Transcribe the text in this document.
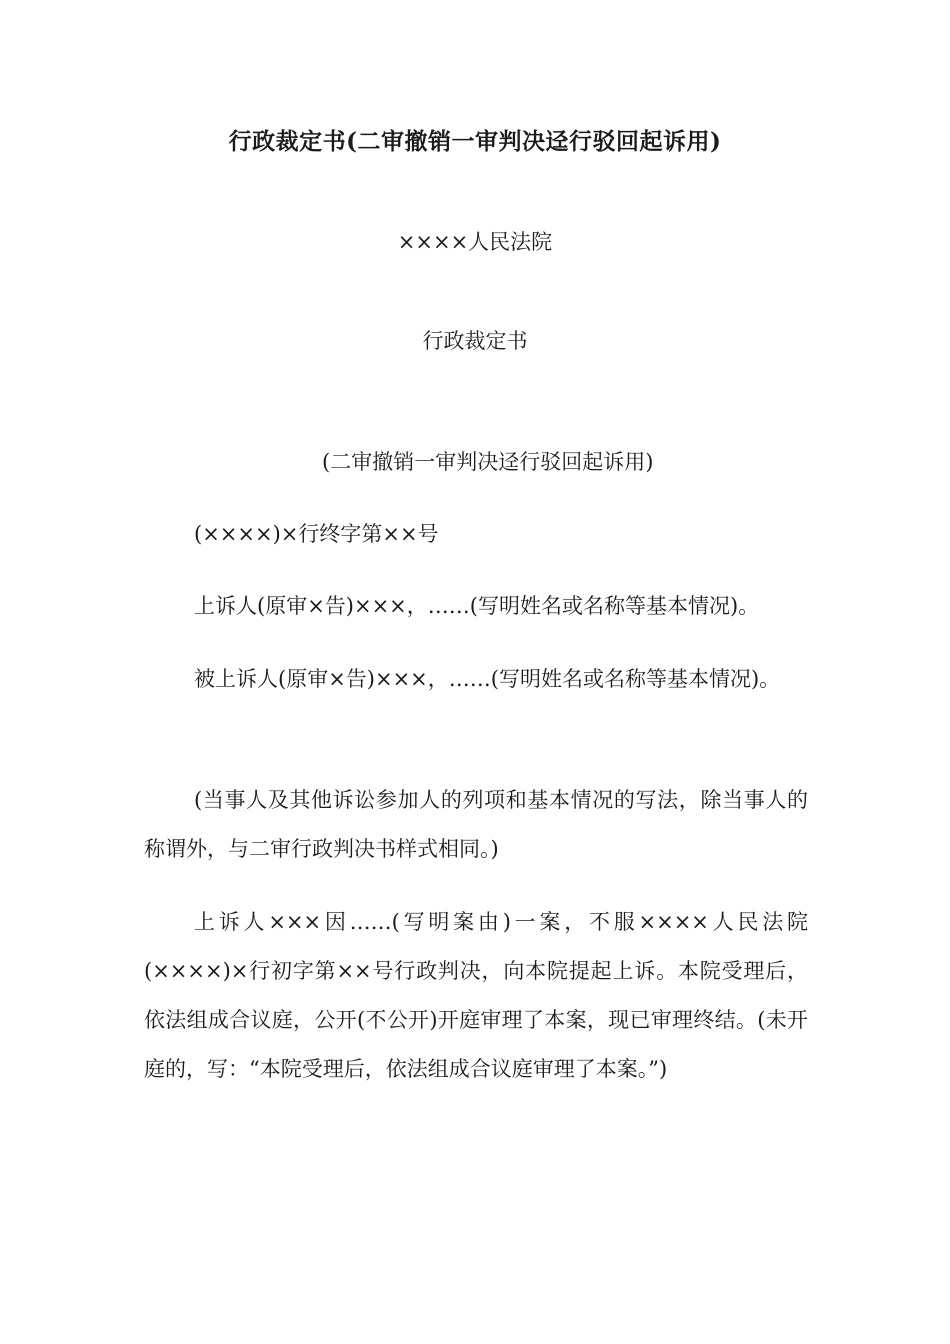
行政裁定书(二审撤销一审判决迳行驳回起诉用)
××××人民法院
行政裁定书
(二审撤销一审判决迳行驳回起诉用)

(××××)×行终字第××号

上诉人(原审×告)×××，……(写明姓名或名称等基本情况)。

被上诉人(原审×告)×××，……(写明姓名或名称等基本情况)。

(当事人及其他诉讼参加人的列项和基本情况的写法，除当事人的称谓外，与二审行政判决书样式相同。)

上诉人×××因……(写明案由)一案，不服××××人民法院(××××)×行初字第××号行政判决，向本院提起上诉。本院受理后，依法组成合议庭，公开(不公开)开庭审理了本案，现已审理终结。(未开庭的，写：“本院受理后，依法组成合议庭审理了本案。”)
